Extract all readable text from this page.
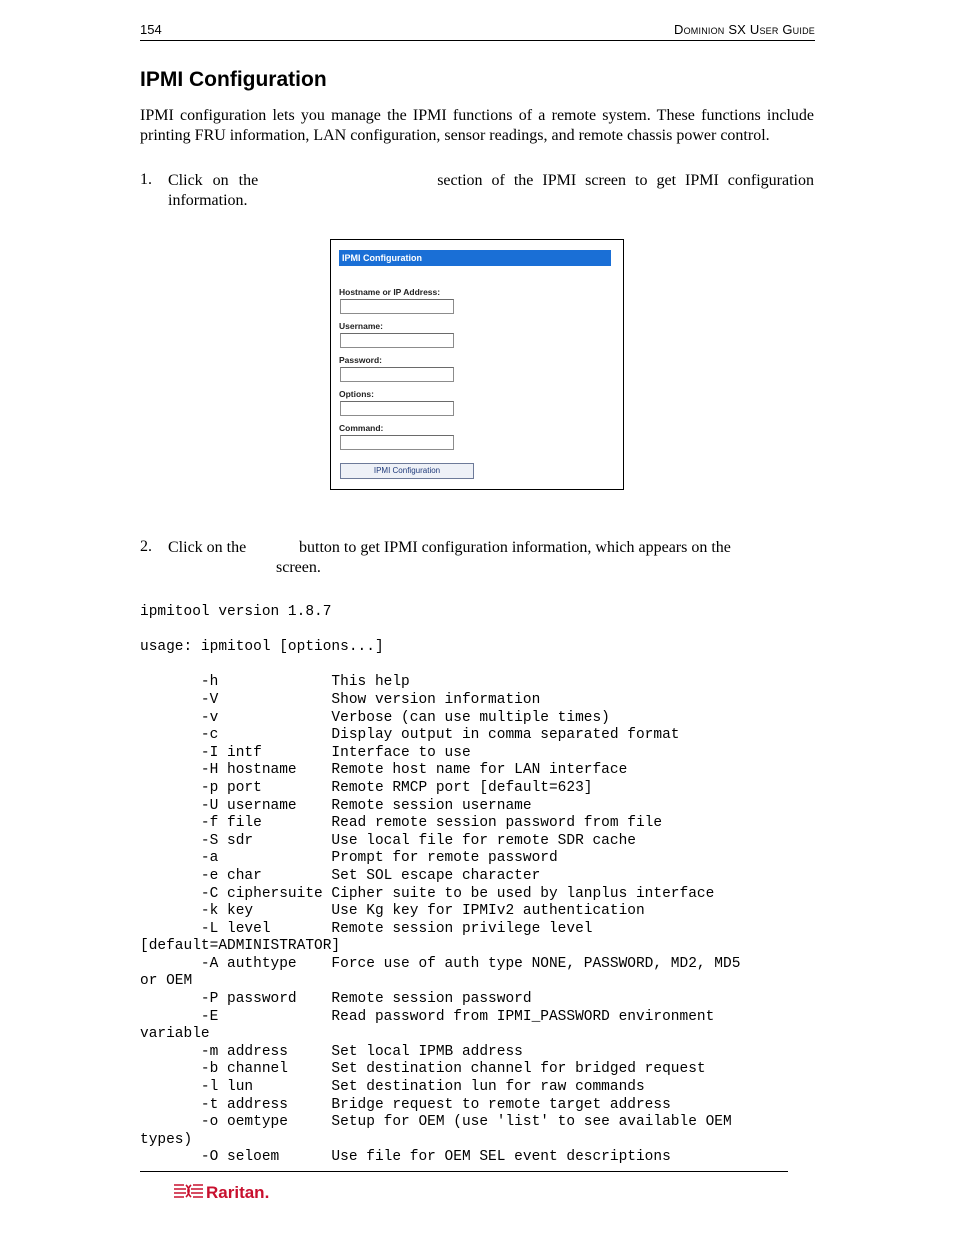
154	Dominion SX User Guide
IPMI Configuration
IPMI configuration lets you manage the IPMI functions of a remote system. These functions include printing FRU information, LAN configuration, sensor readings, and remote chassis power control.
1. Click on the	section of the IPMI screen to get IPMI configuration
information.
IPMI Configuration
Hostname or IP Address:
Username:
Password:
Options:
Command:
IPMI Configuration
2. Click on the	button to get IPMI configuration information, which appears on the
screen.
ipmitool version 1.8.7

usage: ipmitool [options...]

-h             This help
-V             Show version information
-v             Verbose (can use multiple times)
-c             Display output in comma separated format
-I intf        Interface to use
-H hostname    Remote host name for LAN interface
-p port        Remote RMCP port [default=623]
-U username    Remote session username
-f file        Read remote session password from file
-S sdr         Use local file for remote SDR cache
-a             Prompt for remote password
-e char        Set SOL escape character
-C ciphersuite Cipher suite to be used by lanplus interface
-k key         Use Kg key for IPMIv2 authentication
-L level       Remote session privilege level
[default=ADMINISTRATOR]
-A authtype    Force use of auth type NONE, PASSWORD, MD2, MD5
or OEM
-P password    Remote session password
-E             Read password from IPMI_PASSWORD environment
variable
-m address     Set local IPMB address
-b channel     Set destination channel for bridged request
-l lun         Set destination lun for raw commands
-t address     Bridge request to remote target address
-o oemtype     Setup for OEM (use 'list' to see available OEM
types)
-O seloem      Use file for OEM SEL event descriptions
Raritan.
